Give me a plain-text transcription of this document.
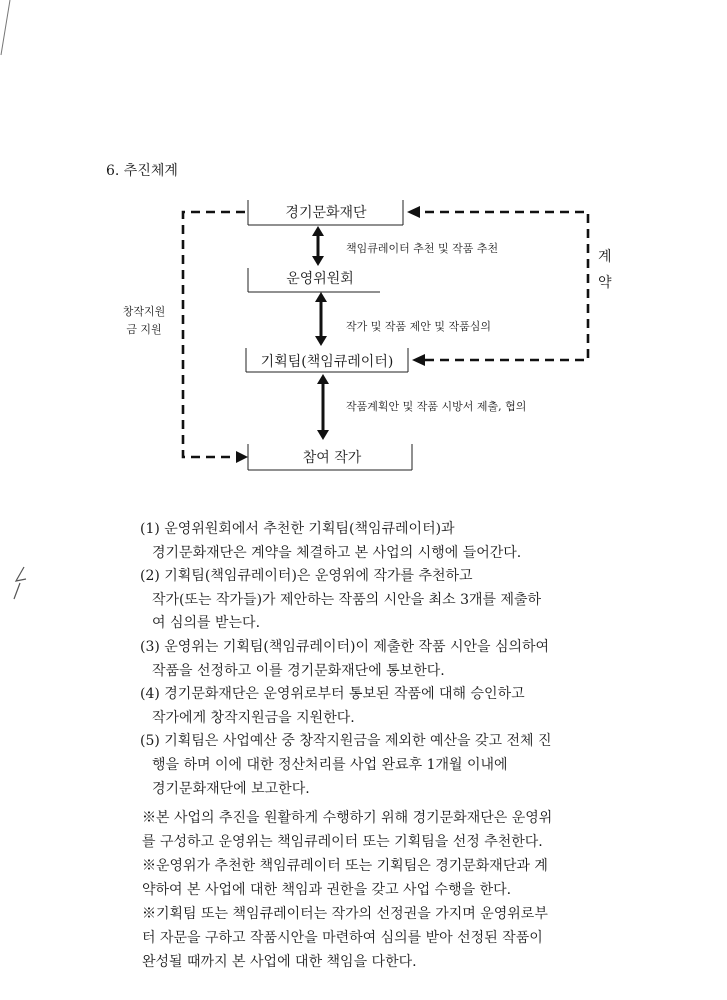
6. 추진체계
경기문화재단
운영위원회
기획팀(책임큐레이터)
참여 작가
책임큐레이터 추천 및 작품 추천
작가 및 작품 제안 및 작품심의
작품계획안 및 작품 시방서 제출, 협의
창작지원
금 지원
계
약
(1) 운영위원회에서 추천한 기획팀(책임큐레이터)과
경기문화재단은 계약을 체결하고 본 사업의 시행에 들어간다.
(2) 기획팀(책임큐레이터)은 운영위에 작가를 추천하고
작가(또는 작가들)가 제안하는 작품의 시안을 최소 3개를 제출하
여 심의를 받는다.
(3) 운영위는 기획팀(책임큐레이터)이 제출한 작품 시안을 심의하여
작품을 선정하고 이를 경기문화재단에 통보한다.
(4) 경기문화재단은 운영위로부터 통보된 작품에 대해 승인하고
작가에게 창작지원금을 지원한다.
(5) 기획팀은 사업예산 중 창작지원금을 제외한 예산을 갖고 전체 진
행을 하며 이에 대한 정산처리를 사업 완료후 1개월 이내에
경기문화재단에 보고한다.
※본 사업의 추진을 원활하게 수행하기 위해 경기문화재단은 운영위
를 구성하고 운영위는 책임큐레이터 또는 기획팀을 선정 추천한다.
※운영위가 추천한 책임큐레이터 또는 기획팀은 경기문화재단과 계
약하여 본 사업에 대한 책임과 권한을 갖고 사업 수행을 한다.
※기획팀 또는 책임큐레이터는 작가의 선정권을 가지며 운영위로부
터 자문을 구하고 작품시안을 마련하여 심의를 받아 선정된 작품이
완성될 때까지 본 사업에 대한 책임을 다한다.
